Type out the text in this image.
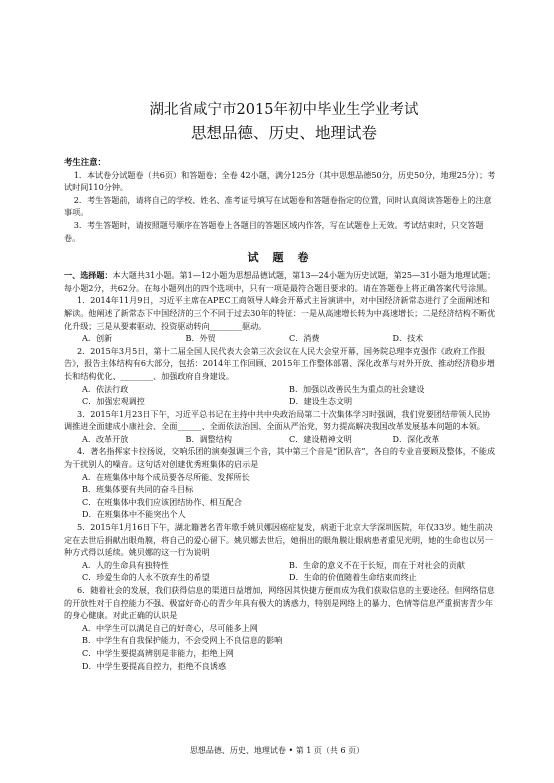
湖北省咸宁市2015年初中毕业生学业考试
思想品德、历史、地理试卷
考生注意：

1．本试卷分试题卷（共6页）和答题卷；全卷 42小题，满分125分（其中思想品德50分，历史50分，地理25分）；考试时间110分钟。

2．考生答题前，请将自己的学校、姓名、准考证号填写在试题卷和答题卷指定的位置，同时认真阅读答题卷上的注意事项。

3．考生答题时，请按照题号顺序在答题卷上各题目的答题区域内作答，写在试题卷上无效。考试结束时，只交答题卷。

试题卷

一、选择题：本大题共31小题。第1—12小题为思想品德试题，第13—24小题为历史试题，第25—31小题为地理试题；每小题2分，共62分。在每小题列出的四个选项中，只有一项是最符合题目要求的。请在答题卷上将正确答案代号涂黑。

1．2014年11月9日，习近平主席在APEC工商领导人峰会开幕式主旨演讲中，对中国经济新常态进行了全面阐述和解读。他阐述了新常态下中国经济的三个不同于过去30年的特征：一是从高速增长转为中高速增长；二是经济结构不断优化升级；三是从要素驱动、投资驱动转向________驱动。

A．创新	B．外贸	C．消费	D．技术

2．2015年3月5日，第十二届全国人民代表大会第三次会议在人民大会堂开幕，国务院总理李克强作《政府工作报告》，报告主体结构有6大部分，包括：2014年工作回顾、2015年工作整体部署、深化改革与对外开放、推动经济稳步增长和结构优化、________、加强政府自身建设。

A．依法行政	B．加强以改善民生为重点的社会建设
C．加强宏观调控	D．建设生态文明

3．2015年1月23日下午，习近平总书记在主持中共中央政治局第二十次集体学习时强调，我们党要团结带领人民协调推进全面建成小康社会、全面______、全面依法治国、全面从严治党，努力提高解决我国改革发展基本问题的本领。

A．改革开放	B．调整结构	C．建设精神文明	D．深化改革

4．著名指挥家卡拉扬说，交响乐团的演奏强调三个音，其中第三个音是“团队音”，各自的专业音要顾及整体，不能成为干扰别人的噪音。这句话对创建优秀班集体的启示是

A．在班集体中每个成员要各尽所能、发挥所长
B．班集体要有共同的奋斗目标
C．在班集体中我们应该团结协作、相互配合
D．在班集体中不能突出个人

5．2015年1月16日下午，湖北籍著名青年歌手姚贝娜因癌症复发，病逝于北京大学深圳医院，年仅33岁。她生前决定在去世后捐献出眼角膜，将自己的爱心留下。姚贝娜去世后，她捐出的眼角膜让眼病患者重见光明，她的生命也以另一种方式得以延续。姚贝娜的这一行为说明

A．人的生命具有独特性	B．生命的意义不在于长短，而在于对社会的贡献
C．珍爱生命的人永不放弃生的希望	D．生命的价值随着生命结束而终止

6．随着社会的发展，我们获得信息的渠道日益增加，网络因其快捷方便而成为我们获取信息的主要途径。但网络信息的开放性对于自控能力不强、极富好奇心的青少年具有极大的诱惑力，特别是网络上的暴力、色情等信息严重损害青少年的身心健康。对此正确的认识是

A．中学生可以满足自己的好奇心，尽可能多上网
B．中学生有自我保护能力，不会受网上不良信息的影响
C．中学生要提高辨别是非能力，拒绝上网
D．中学生要提高自控力，拒绝不良诱惑
思想品德、历史、地理试卷 • 第 1 页（共 6 页）
